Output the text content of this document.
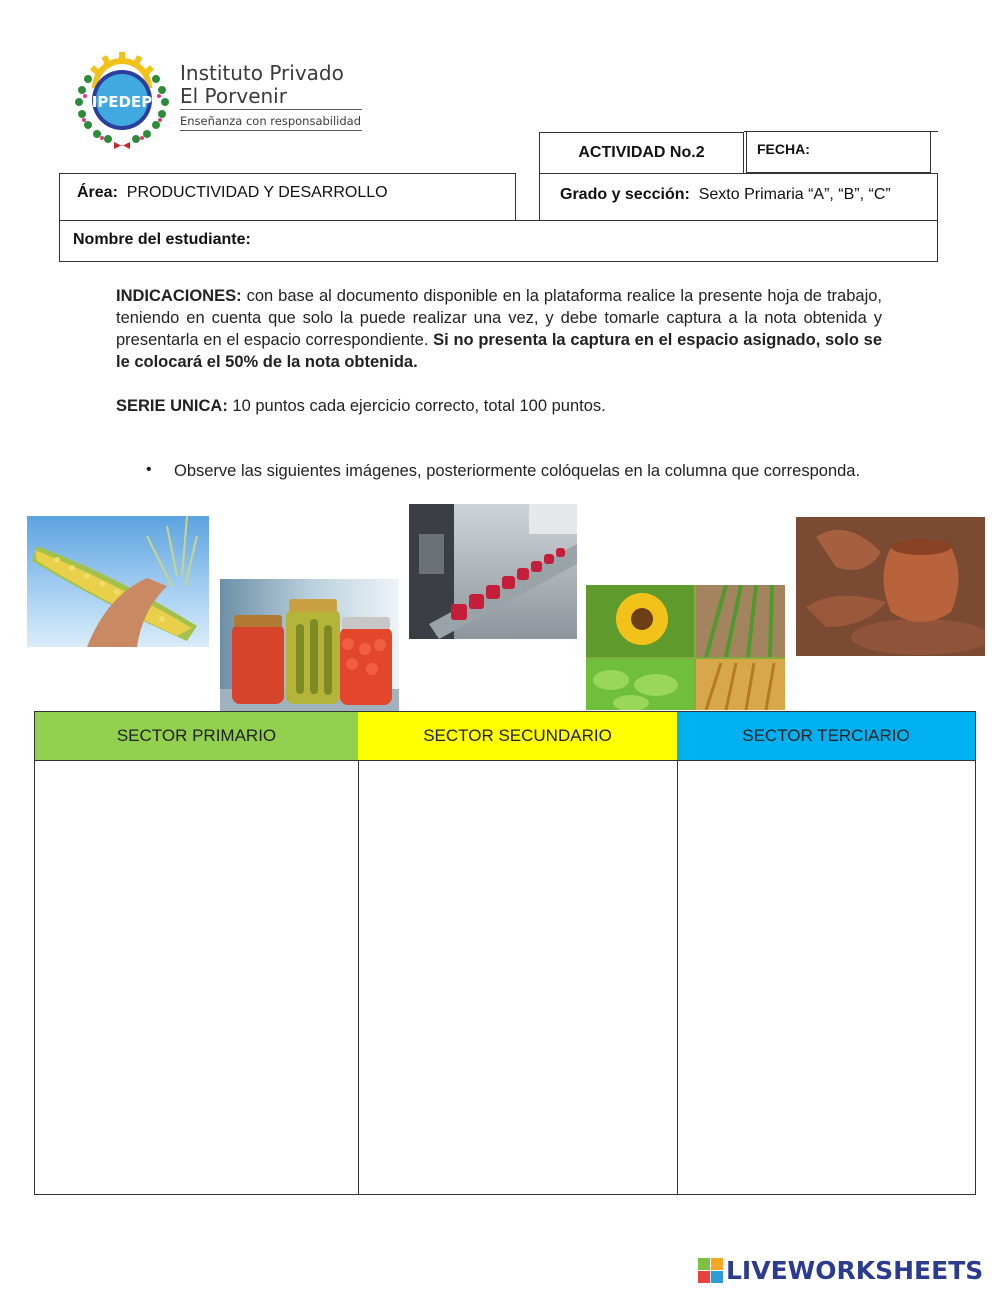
IPEDEP
Instituto Privado
El Porvenir
Enseñanza con responsabilidad
ACTIVIDAD No.2	FECHA:
Área: PRODUCTIVIDAD Y DESARROLLO	Grado y sección: Sexto Primaria “A”, “B”, “C”
Nombre del estudiante:
INDICACIONES: con base al documento disponible en la plataforma realice la presente hoja de trabajo, teniendo en cuenta que solo la puede realizar una vez, y debe tomarle captura a la nota obtenida y presentarla en el espacio correspondiente. Si no presenta la captura en el espacio asignado, solo se le colocará el 50% de la nota obtenida.
SERIE UNICA: 10 puntos cada ejercicio correcto, total 100 puntos.
• Observe las siguientes imágenes, posteriormente colóquelas en la columna que corresponda.
SECTOR PRIMARIO	SECTOR SECUNDARIO	SECTOR TERCIARIO
LIVEWORKSHEETS
